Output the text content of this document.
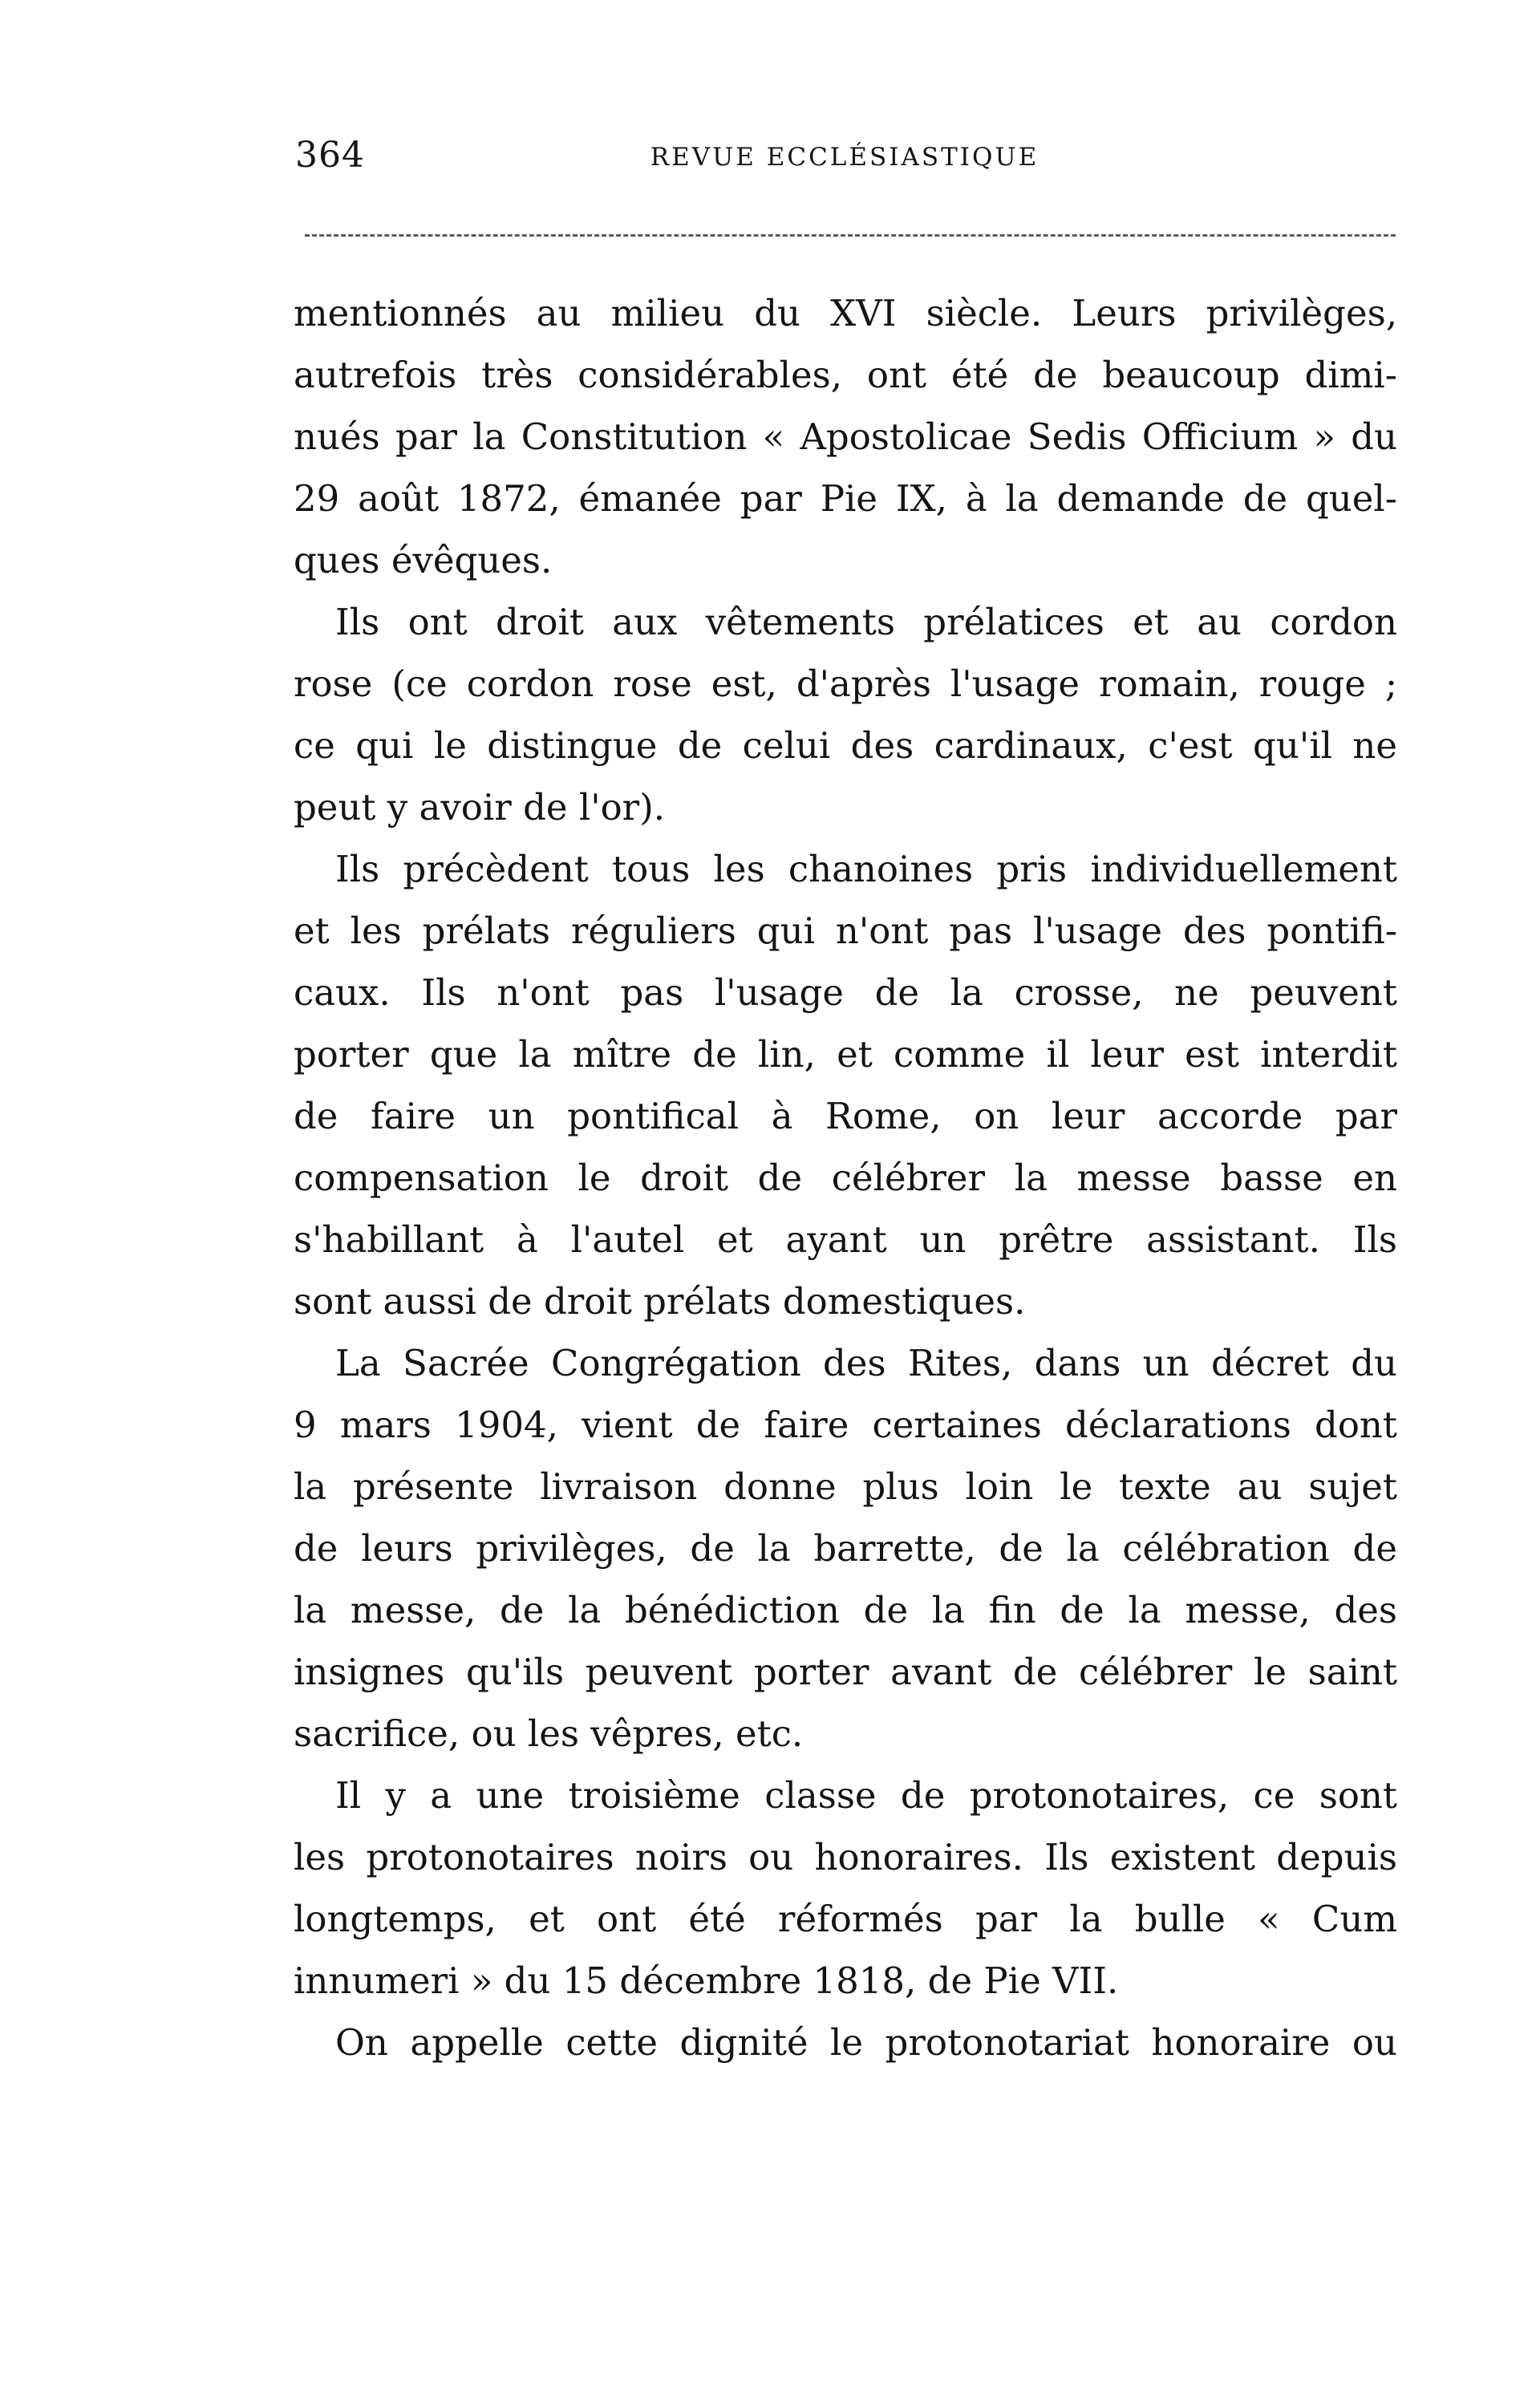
364	REVUE ECCLÉSIASTIQUE
mentionnés au milieu du XVI siècle. Leurs privilèges,
autrefois très considérables, ont été de beaucoup dimi-
nués par la Constitution « Apostolicae Sedis Officium » du
29 août 1872, émanée par Pie IX, à la demande de quel-
ques évêques.
Ils ont droit aux vêtements prélatices et au cordon
rose (ce cordon rose est, d'après l'usage romain, rouge ;
ce qui le distingue de celui des cardinaux, c'est qu'il ne
peut y avoir de l'or).
Ils précèdent tous les chanoines pris individuellement
et les prélats réguliers qui n'ont pas l'usage des pontifi-
caux. Ils n'ont pas l'usage de la crosse, ne peuvent
porter que la mître de lin, et comme il leur est interdit
de faire un pontifical à Rome, on leur accorde par
compensation le droit de célébrer la messe basse en
s'habillant à l'autel et ayant un prêtre assistant. Ils
sont aussi de droit prélats domestiques.
La Sacrée Congrégation des Rites, dans un décret du
9 mars 1904, vient de faire certaines déclarations dont
la présente livraison donne plus loin le texte au sujet
de leurs privilèges, de la barrette, de la célébration de
la messe, de la bénédiction de la fin de la messe, des
insignes qu'ils peuvent porter avant de célébrer le saint
sacrifice, ou les vêpres, etc.
Il y a une troisième classe de protonotaires, ce sont
les protonotaires noirs ou honoraires. Ils existent depuis
longtemps, et ont été réformés par la bulle « Cum
innumeri » du 15 décembre 1818, de Pie VII.
On appelle cette dignité le protonotariat honoraire ou
